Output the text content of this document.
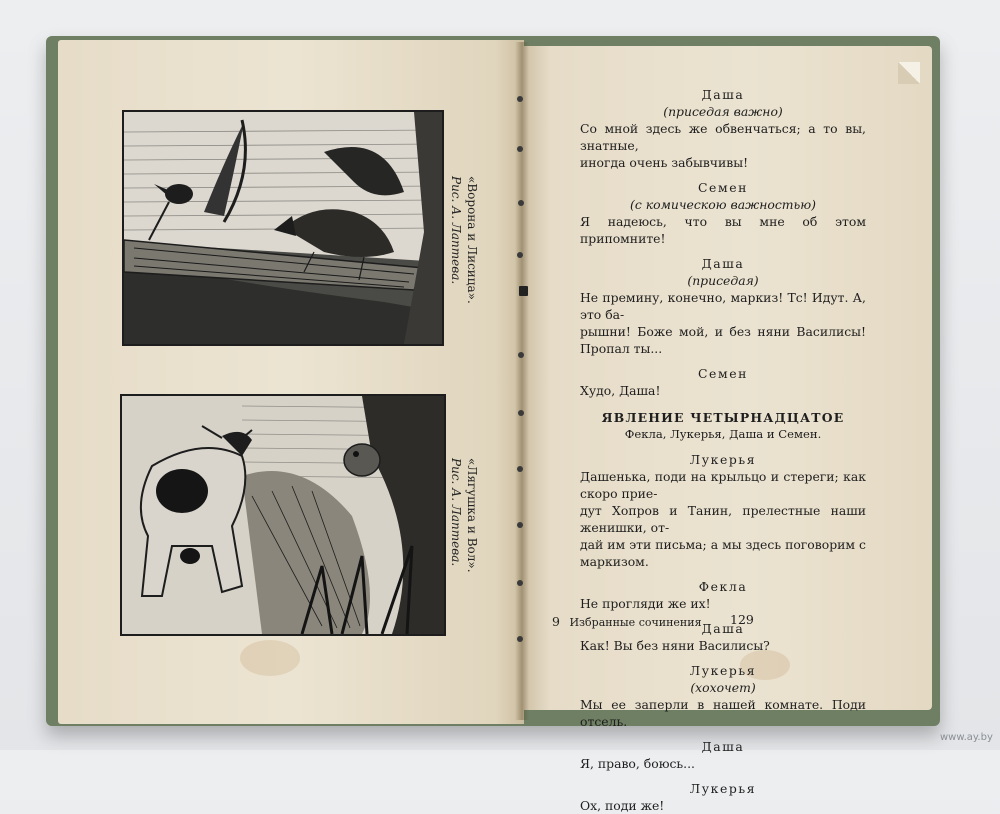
«Ворона и Лисица».
Рис. А. Лаптева.
«Лягушка и Вол».
Рис. А. Лаптева.
Даша
(приседая важно)
Со мной здесь же обвенчаться; а то вы, знатные,
иногда очень забывчивы!
Семен
(с комическою важностью)
Я надеюсь, что вы мне об этом припомните!
Даша
(приседая)
Не премину, конечно, маркиз! Тс! Идут. А, это ба-
рышни! Боже мой, и без няни Василисы! Пропал ты...
Семен
Худо, Даша!
ЯВЛЕНИЕ ЧЕТЫРНАДЦАТОЕ
Фекла, Лукерья, Даша и Семен.
Лукерья
Дашенька, поди на крыльцо и стереги; как скоро прие-
дут Хопров и Танин, прелестные наши женишки, от-
дай им эти письма; а мы здесь поговорим с маркизом.
Фекла
Не прогляди же их!
Даша
Как! Вы без няни Василисы?
Лукерья
(хохочет)
Мы ее заперли в нашей комнате. Поди отсель.
Даша
Я, право, боюсь...
Лукерья
Ох, поди же!
9 Избранные сочинения 129
www.ay.by
